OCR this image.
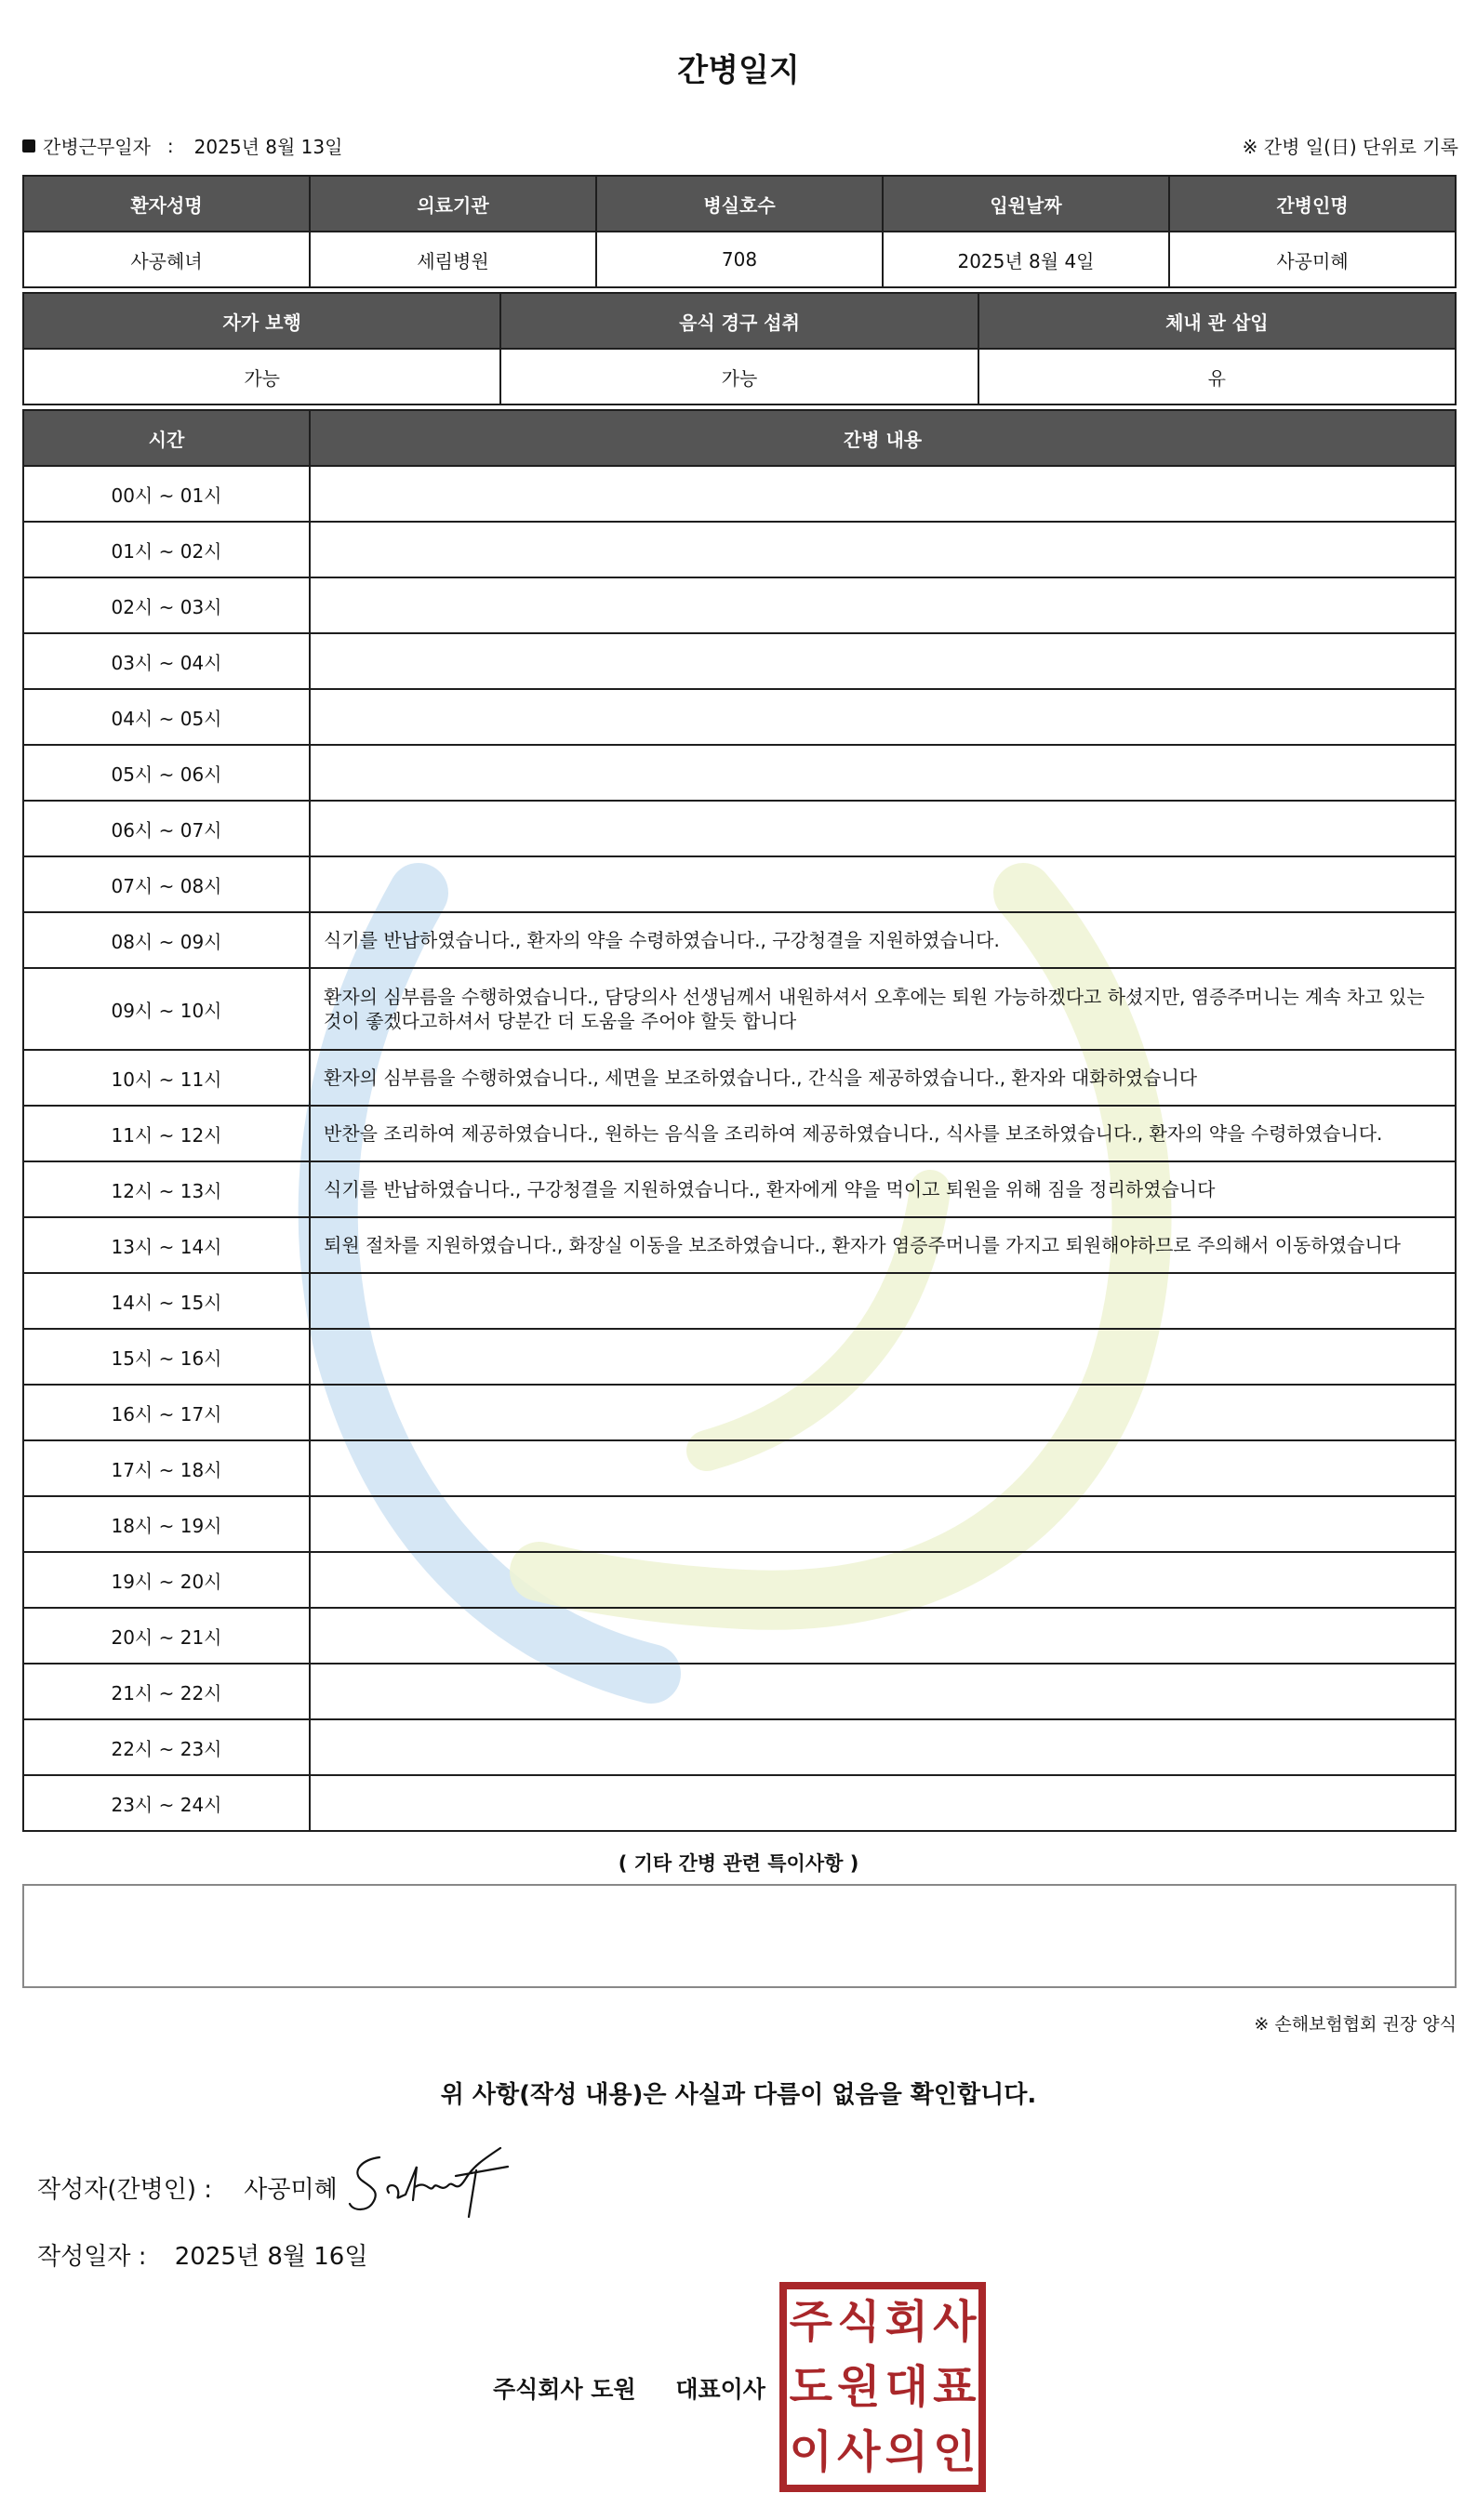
간병일지
간병근무일자 : 2025년 8월 13일	※ 간병 일(日) 단위로 기록
환자성명	의료기관	병실호수	입원날짜	간병인명
사공혜녀	세림병원	708	2025년 8월 4일	사공미혜
자가 보행	음식 경구 섭취	체내 관 삽입
가능	가능	유
시간	간병 내용
00시 ~ 01시	
01시 ~ 02시	
02시 ~ 03시	
03시 ~ 04시	
04시 ~ 05시	
05시 ~ 06시	
06시 ~ 07시	
07시 ~ 08시	
08시 ~ 09시	식기를 반납하였습니다., 환자의 약을 수령하였습니다., 구강청결을 지원하였습니다.
09시 ~ 10시	환자의 심부름을 수행하였습니다., 담당의사 선생님께서 내원하셔서 오후에는 퇴원 가능하겠다고 하셨지만, 염증주머니는 계속 차고 있는 것이 좋겠다고하셔서 당분간 더 도움을 주어야 할듯 합니다
10시 ~ 11시	환자의 심부름을 수행하였습니다., 세면을 보조하였습니다., 간식을 제공하였습니다., 환자와 대화하였습니다
11시 ~ 12시	반찬을 조리하여 제공하였습니다., 원하는 음식을 조리하여 제공하였습니다., 식사를 보조하였습니다., 환자의 약을 수령하였습니다.
12시 ~ 13시	식기를 반납하였습니다., 구강청결을 지원하였습니다., 환자에게 약을 먹이고 퇴원을 위해 짐을 정리하였습니다
13시 ~ 14시	퇴원 절차를 지원하였습니다., 화장실 이동을 보조하였습니다., 환자가 염증주머니를 가지고 퇴원해야하므로 주의해서 이동하였습니다
14시 ~ 15시	
15시 ~ 16시	
16시 ~ 17시	
17시 ~ 18시	
18시 ~ 19시	
19시 ~ 20시	
20시 ~ 21시	
21시 ~ 22시	
22시 ~ 23시	
23시 ~ 24시	
( 기타 간병 관련 특이사항 )
※ 손해보험협회 권장 양식
위 사항(작성 내용)은 사실과 다름이 없음을 확인합니다.
작성자(간병인) : 사공미혜
작성일자 : 2025년 8월 16일
주식회사 도원 대표이사
주 식 회 사
도 원 대 표
이 사 의 인
